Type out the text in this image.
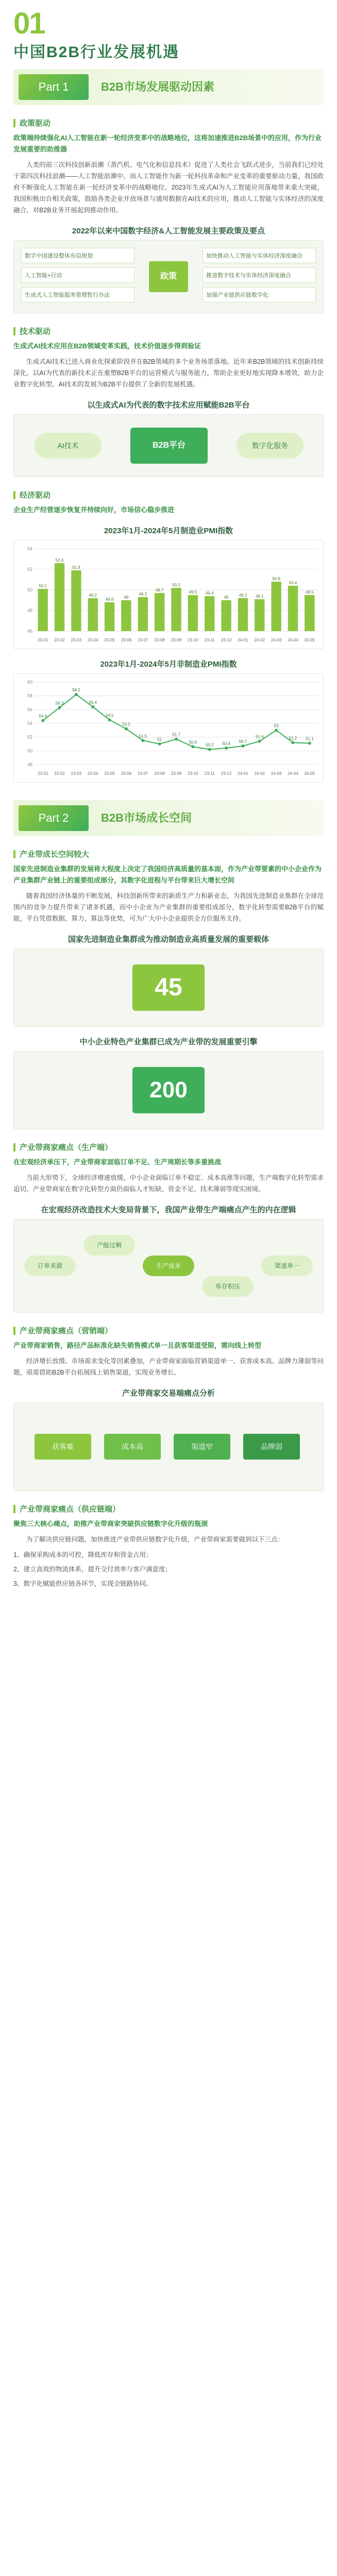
01
中国B2B行业发展机遇
Part 1	B2B市场发展驱动因素
政策驱动
政策端持续强化AI人工智能在新一轮经济变革中的战略地位，这将加速推进B2B场景中的应用，作为行业发展重要的助推器
人类的前三次科技创新浪潮（蒸汽机、电气化和信息技术）促进了人类社会飞跃式进步，当前我们已经处于第四次科技浪潮——人工智能浪潮中。而人工智能作为新一轮科技革命和产业变革的重要驱动力量，我国政府不断强化人工智能在新一轮经济变革中的战略地位。2023年生成式AI为人工智能应用落地带来重大突破，我国积极出台相关政策，鼓励各类企业开放场景与通用数据在AI技术的应用，推动人工智能与实体经济的深度融合，对B2B业务开展起到推动作用。
2022年以来中国数字经济&人工智能发展主要政策及要点
数字中国建设整体布局规划
人工智能+行动
生成式人工智能服务管理暂行办法
政策
加快推动人工智能与实体经济深度融合
推进数字技术与实体经济深度融合
加强产业链供应链数字化
技术驱动
生成式AI技术应用在B2B领域变革实践，技术价值逐步得到验证
生成式AI技术已进入商业化探索阶段并在B2B领域的多个业务场景落地。近年来B2B领域的技术创新持续深化，以AI为代表的新技术正在重塑B2B平台的运营模式与服务能力，帮助企业更好地实现降本增效，助力企业数字化转型。AI技术的发展为B2B平台提供了全新的发展机遇。
以生成式AI为代表的数字技术应用赋能B2B平台
AI技术	B2B平台	数字化服务
经济驱动
企业生产经营逐步恢复并持续向好，市场信心稳步推进
2023年1月-2024年5月制造业PMI指数
46
48
50
52
54
50.1
52.6
51.9
49.2
48.8	49
49.3
49.7
50.2
49.5 49.4
49	49.2 49.1
50.8
50.4
49.5
23-01 23-02 23-03 23-04 23-05 23-06 23-07 23-08 23-09 23-10 23-11 23-12 24-01 24-02 24-03 24-04 24-05
2023年1月-2024年5月非制造业PMI指数
48
50
52
54
56
58
60
54.4
56.3
58.2
56.4
54.5
53.2
51.5
51
51.7
50.6
50.2 50.4 50.7
51.4
53
51.2 51.1
23-01 23-02 23-03 23-04 23-05 23-06 23-07 23-08 23-09 23-10 23-11 23-12 24-01 24-02 24-03 24-04 24-05
Part 2	B2B市场成长空间
产业带成长空间较大
国家先进制造业集群的发展将大程度上决定了我国经济高质量的基本面，作为产业带要素的中小企业作为产业集群产业链上的重要组成部分，其数字化进程与平台带来巨大增长空间
随着我国经济体量的不断发展，科技创新所带来的新质生产力和新业态，为我国先进制造业集群在全球范围内的竞争力提升带来了诸多机遇，而中小企业为产业集群的重要组成部分，数字化转型需要B2B平台的赋能，平台凭借数据、算力、算法等优势，可为广大中小企业提供全方位服务支持。
国家先进制造业集群成为推动制造业高质量发展的重要载体
45
中小企业特色产业集群已成为产业带的发展重要引擎
200
产业带商家痛点（生产端）
在宏观经济承压下，产业带商家面临订单不足、生产周期长等多重挑战
当前大形势下，全球经济增速放缓，中小企业面临订单不稳定、成本高涨等问题，生产端数字化转型需求迫切。产业带商家在数字化转型方面仍面临人才短缺、资金不足、技术薄弱等现实困境。
在宏观经济改造技术大变局背景下，我国产业带生产端痛点产生的内在逻辑
订单来源
产能过剩
生产成本
库存积压
渠道单一
产业带商家痛点（营销端）
产业带商家销售，路径产品标准化缺失销售模式单一且获客渠道受限，需向线上转型
经济增长放缓、市场需求变化等因素叠加，产业带商家面临营销渠道单一、获客成本高、品牌力薄弱等问题，亟需借助B2B平台拓展线上销售渠道，实现业务增长。
产业带商家交易端痛点分析
获客难	成本高	渠道窄	品牌弱
产业带商家痛点（供应链端）
聚焦三大核心痛点，助推产业带商家突破供应链数字化升级的瓶颈
为了解决供应链问题，加快推进产业带供应链数字化升级，产业带商家需要做到以下三点：
1、确保采购成本的可控，降低库存和资金占用；
2、建立高效的物流体系，提升交付效率与客户满意度；
3、数字化赋能供应链各环节，实现全链路协同。
